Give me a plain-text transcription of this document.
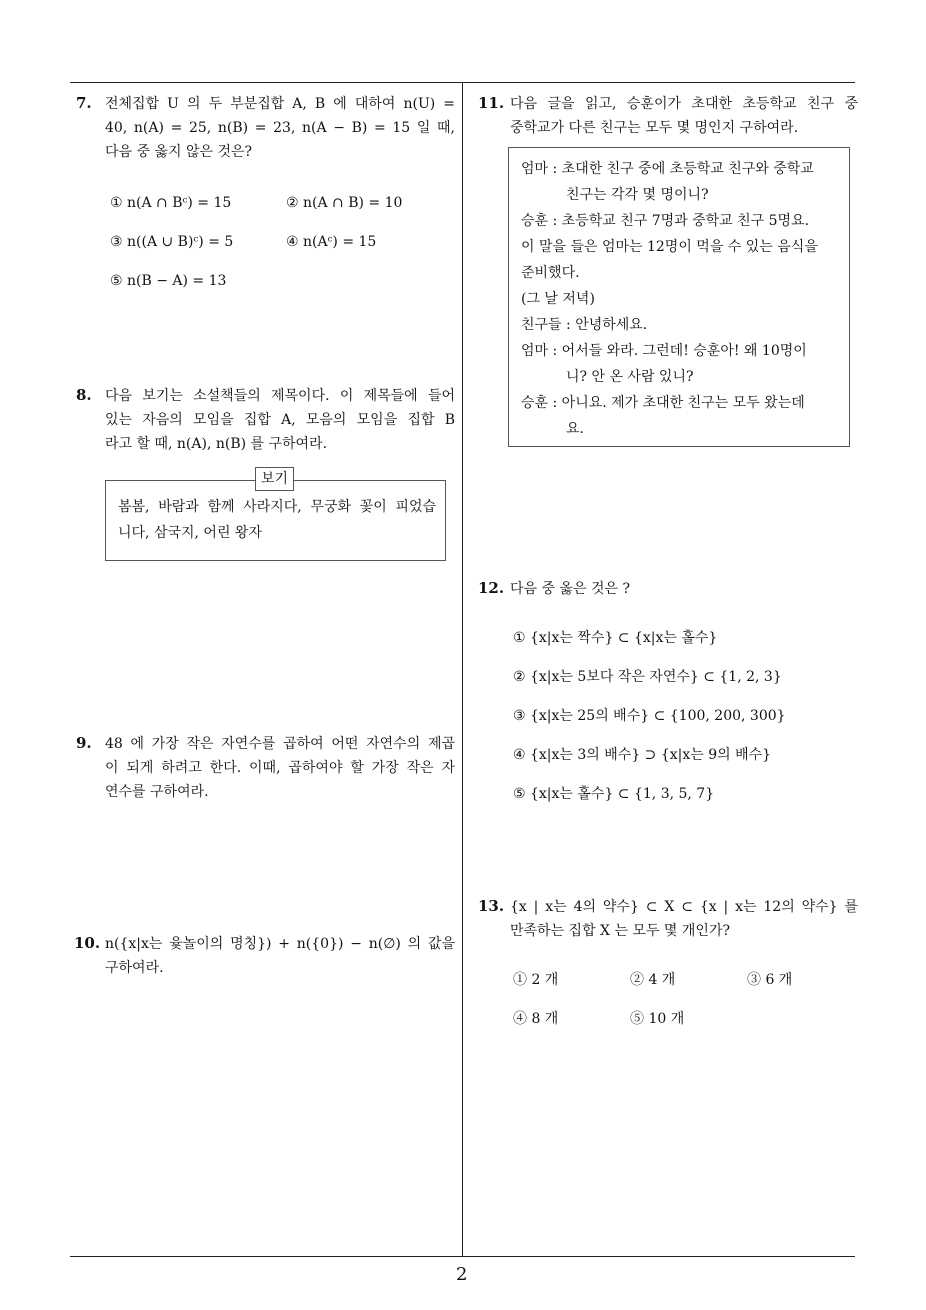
7. 전체집합 U 의 두 부분집합 A, B 에 대하여 n(U) =
40, n(A) = 25, n(B) = 23, n(A − B) = 15 일 때,
다음 중 옳지 않은 것은?
① n(A ∩ Bᶜ) = 15	② n(A ∩ B) = 10
③ n((A ∪ B)ᶜ) = 5	④ n(Aᶜ) = 15
⑤ n(B − A) = 13
8. 다음 보기는 소설책들의 제목이다. 이 제목들에 들어
있는 자음의 모임을 집합 A, 모음의 모임을 집합 B
라고 할 때, n(A), n(B) 를 구하여라.
보기
봄봄, 바람과 함께 사라지다, 무궁화 꽃이 피었습
니다, 삼국지, 어린 왕자
9. 48 에 가장 작은 자연수를 곱하여 어떤 자연수의 제곱
이 되게 하려고 한다. 이때, 곱하여야 할 가장 작은 자
연수를 구하여라.
10. n({x|x는 윷놀이의 명칭}) + n({0}) − n(∅) 의 값을
구하여라.
11. 다음 글을 읽고, 승훈이가 초대한 초등학교 친구 중
중학교가 다른 친구는 모두 몇 명인지 구하여라.
엄마 : 초대한 친구 중에 초등학교 친구와 중학교
친구는 각각 몇 명이니?
승훈 : 초등학교 친구 7명과 중학교 친구 5명요.
이 말을 들은 엄마는 12명이 먹을 수 있는 음식을
준비했다.
(그 날 저녁)
친구들 : 안녕하세요.
엄마 : 어서들 와라. 그런데! 승훈아! 왜 10명이
니? 안 온 사람 있니?
승훈 : 아니요. 제가 초대한 친구는 모두 왔는데
요.
12. 다음 중 옳은 것은 ?
① {x|x는 짝수} ⊂ {x|x는 홀수}
② {x|x는 5보다 작은 자연수} ⊂ {1, 2, 3}
③ {x|x는 25의 배수} ⊂ {100, 200, 300}
④ {x|x는 3의 배수} ⊃ {x|x는 9의 배수}
⑤ {x|x는 홀수} ⊂ {1, 3, 5, 7}
13. {x | x는 4의 약수} ⊂ X ⊂ {x | x는 12의 약수} 를
만족하는 집합 X 는 모두 몇 개인가?
① 2 개	② 4 개	③ 6 개
④ 8 개	⑤ 10 개
2
